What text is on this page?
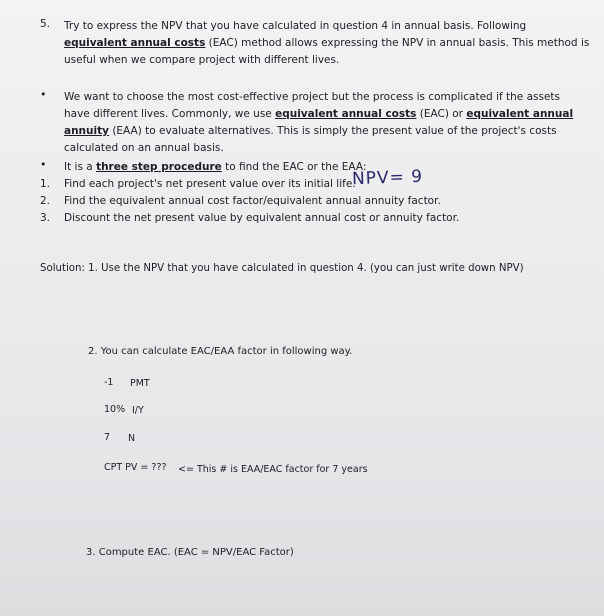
5. Try to express the NPV that you have calculated in question 4 in annual basis. Following
equivalent annual costs (EAC) method allows expressing the NPV in annual basis. This method is
useful when we compare project with different lives.
• We want to choose the most cost-effective project but the process is complicated if the assets
have different lives. Commonly, we use equivalent annual costs (EAC) or equivalent annual
annuity (EAA) to evaluate alternatives. This is simply the present value of the project's costs
calculated on an annual basis.
• It is a three step procedure to find the EAC or the EAA:
1. Find each project's net present value over its initial life.
NPV= 9
2. Find the equivalent annual cost factor/equivalent annual annuity factor.
3. Discount the net present value by equivalent annual cost or annuity factor.
Solution: 1. Use the NPV that you have calculated in question 4. (you can just write down NPV)
2. You can calculate EAC/EAA factor in following way.
-1 PMT
10% I/Y
7 N
CPT PV = ??? <= This # is EAA/EAC factor for 7 years
3. Compute EAC. (EAC = NPV/EAC Factor)
